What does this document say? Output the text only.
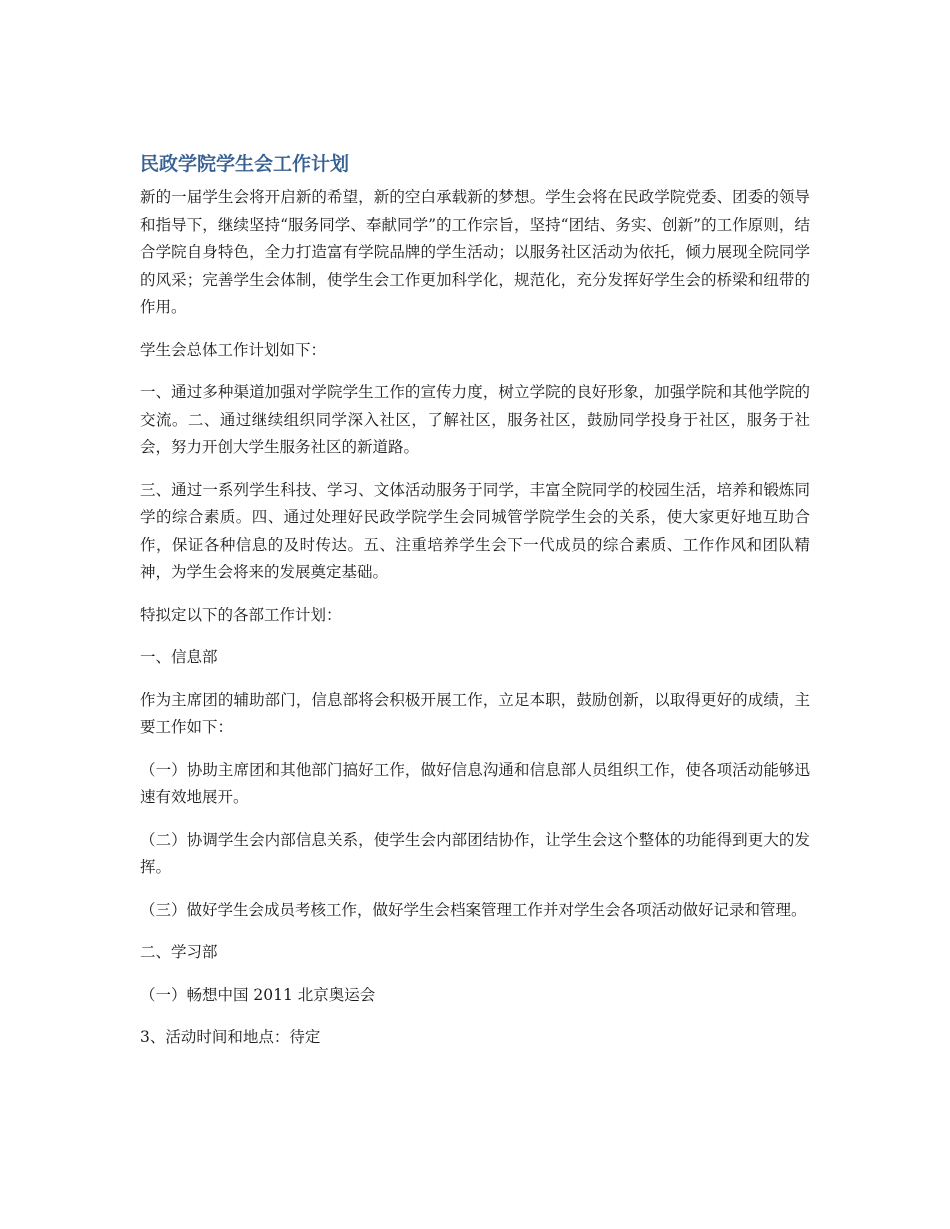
民政学院学生会工作计划

新的一届学生会将开启新的希望，新的空白承载新的梦想。学生会将在民政学院党委、团委的领导和指导下，继续坚持“服务同学、奉献同学”的工作宗旨，坚持“团结、务实、创新”的工作原则，结合学院自身特色，全力打造富有学院品牌的学生活动；以服务社区活动为依托，倾力展现全院同学的风采；完善学生会体制，使学生会工作更加科学化，规范化，充分发挥好学生会的桥梁和纽带的作用。

学生会总体工作计划如下：

一、通过多种渠道加强对学院学生工作的宣传力度，树立学院的良好形象，加强学院和其他学院的交流。二、通过继续组织同学深入社区，了解社区，服务社区，鼓励同学投身于社区，服务于社会，努力开创大学生服务社区的新道路。

三、通过一系列学生科技、学习、文体活动服务于同学，丰富全院同学的校园生活，培养和锻炼同学的综合素质。四、通过处理好民政学院学生会同城管学院学生会的关系，使大家更好地互助合作，保证各种信息的及时传达。五、注重培养学生会下一代成员的综合素质、工作作风和团队精神，为学生会将来的发展奠定基础。

特拟定以下的各部工作计划：

一、信息部

作为主席团的辅助部门，信息部将会积极开展工作，立足本职，鼓励创新，以取得更好的成绩，主要工作如下：

（一）协助主席团和其他部门搞好工作，做好信息沟通和信息部人员组织工作，使各项活动能够迅速有效地展开。

（二）协调学生会内部信息关系，使学生会内部团结协作，让学生会这个整体的功能得到更大的发挥。

（三）做好学生会成员考核工作，做好学生会档案管理工作并对学生会各项活动做好记录和管理。

二、学习部

（一）畅想中国 2011 北京奥运会

3、活动时间和地点：待定
